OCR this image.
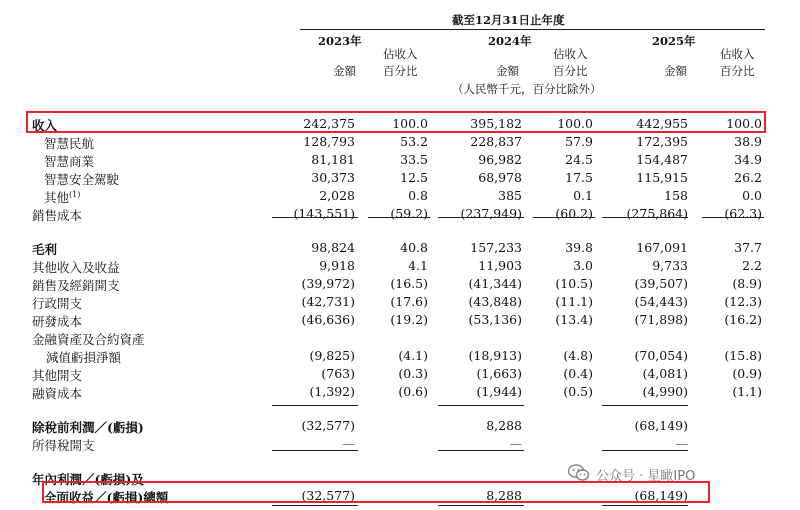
截至12月31日止年度
2023年	2024年	2025年
佔收入	佔收入	佔收入
金額 百分比	金額	百分比	金額	百分比
（人民幣千元，百分比除外）
收入	242,375	100.0	395,182	100.0	442,955	100.0
智慧民航	128,793	53.2	228,837	57.9	172,395	38.9
智慧商業	81,181	33.5	96,982	24.5	154,487	34.9
智慧安全駕駛	30,373	12.5	68,978	17.5	115,915	26.2
其他$^{(1)}$	2,028	0.8	385	0.1	158	0.0
銷售成本	(143,551)	(59.2)	(237,949)	(60.2)	(275,864)	(62.3)
毛利	98,824	40.8	157,233	39.8	167,091	37.7
其他收入及收益	9,918	4.1	11,903	3.0	9,733	2.2
銷售及經銷開支	(39,972)	(16.5)	(41,344)	(10.5)	(39,507)	(8.9)
行政開支	(42,731)	(17.6)	(43,848)	(11.1)	(54,443)	(12.3)
研發成本	(46,636)	(19.2)	(53,136)	(13.4)	(71,898)	(16.2)
金融資產及合約資產
減值虧損淨額	(9,825)	(4.1)	(18,913)	(4.8)	(70,054)	(15.8)
其他開支	(763)	(0.3)	(1,663)	(0.4)	(4,081)	(0.9)
融資成本	(1,392)	(0.6)	(1,944)	(0.5)	(4,990)	(1.1)
除稅前利潤／(虧損)	(32,577)	8,288	(68,149)
所得稅開支	—	—	—
年內利潤／(虧損)及
全面收益／(虧損)總額	(32,577)	8,288	(68,149)
公众号 · 星瞰IPO
